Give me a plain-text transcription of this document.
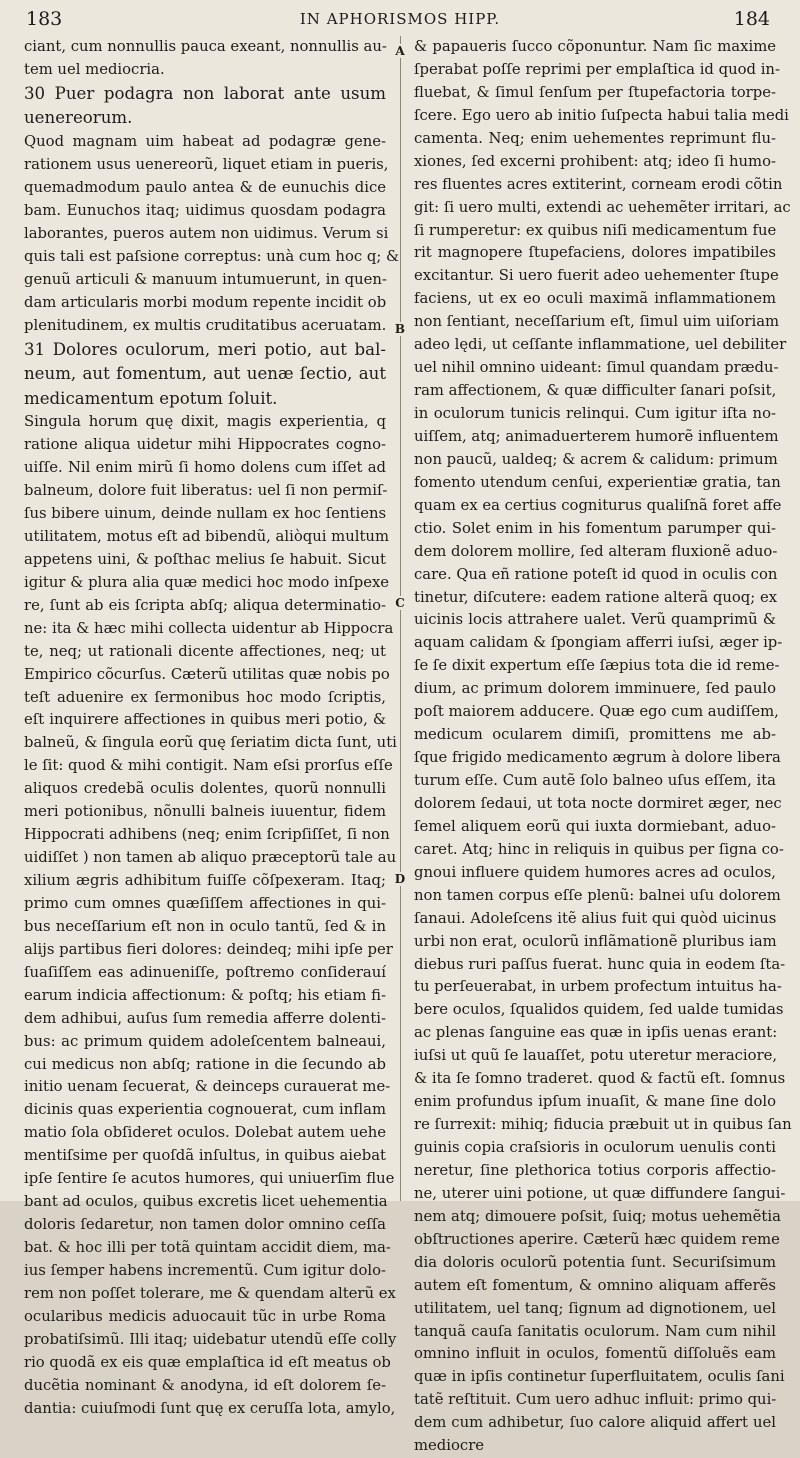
183	IN APHORISMOS HIPP.	184
A
B
C
D
ciant, cum nonnullis pauca exeant, nonnullis au-
tem uel mediocria.
30 Puer podagra non laborat ante usum
uenereorum.
Quod magnam uim habeat ad podagræ gene-
rationem usus uenereorũ, liquet etiam in pueris,
quemadmodum paulo antea & de eunuchis dice
bam. Eunuchos itaq; uidimus quosdam podagra
laborantes, pueros autem non uidimus. Verum si
quis tali est paſsione correptus: unà cum hoc q; &
genuũ articuli & manuum intumuerunt, in quen-
dam articularis morbi modum repente incidit ob
plenitudinem, ex multis cruditatibus aceruatam.
31 Dolores oculorum, meri potio, aut bal-
neum, aut fomentum, aut uenæ ſectio, aut
medicamentum epotum ſoluit.
Singula horum quę dixit, magis experientia, q
ratione aliqua uidetur mihi Hippocrates cogno-
uiſſe. Nil enim mirũ ſi homo dolens cum iſſet ad
balneum, dolore fuit liberatus: uel ſi non permiſ-
ſus bibere uinum, deinde nullam ex hoc ſentiens
utilitatem, motus eſt ad bibendũ, aliòqui multum
appetens uini, & poſthac melius ſe habuit. Sicut
igitur & plura alia quæ medici hoc modo inſpexe
re, ſunt ab eis ſcripta abſq; aliqua determinatio-
ne: ita & hæc mihi collecta uidentur ab Hippocra
te, neq; ut rationali dicente affectiones, neq; ut
Empirico cõcurſus. Cæterũ utilitas quæ nobis po
teſt aduenire ex ſermonibus hoc modo ſcriptis,
eſt inquirere affectiones in quibus meri potio, &
balneũ, & ſingula eorũ quę ſeriatim dicta ſunt, uti
le ſit: quod & mihi contigit. Nam eſsi prorſus eſſe
aliquos credebã oculis dolentes, quorũ nonnulli
meri potionibus, nõnulli balneis iuuentur, fidem
Hippocrati adhibens (neq; enim ſcripſiſſet, ſi non
uidiſſet ) non tamen ab aliquo præceptorũ tale au
xilium ægris adhibitum fuiſſe cõſpexeram. Itaq;
primo cum omnes quæſiſſem affectiones in qui-
bus neceſſarium eſt non in oculo tantũ, ſed & in
alijs partibus fieri dolores: deindeq; mihi ipſe per
ſuaſiſſem eas adinueniſſe, poſtremo conſiderauí
earum indicia affectionum: & poſtq; his etiam fi-
dem adhibui, auſus ſum remedia afferre dolenti-
bus: ac primum quidem adoleſcentem balneaui,
cui medicus non abſq; ratione in die ſecundo ab
initio uenam ſecuerat, & deinceps curauerat me-
dicinis quas experientia cognouerat, cum inflam
matio ſola obſideret oculos. Dolebat autem uehe
mentiſsime per quoſdã inſultus, in quibus aiebat
ipſe ſentire ſe acutos humores, qui uniuerſim flue
bant ad oculos, quibus excretis licet uehementia
doloris ſedaretur, non tamen dolor omnino ceſſa
bat. & hoc illi per totã quintam accidit diem, ma-
ius ſemper habens incrementũ. Cum igitur dolo-
rem non poſſet tolerare, me & quendam alterũ ex
ocularibus medicis aduocauit tũc in urbe Roma
probatiſsimũ. Illi itaq; uidebatur utendũ eſſe colly
rio quodã ex eis quæ emplaſtica id eſt meatus ob
ducẽtia nominant & anodyna, id eſt dolorem ſe-
dantia: cuiuſmodi ſunt quę ex ceruſſa lota, amylo,
& papaueris ſucco cõponuntur. Nam ſic maxime
ſperabat poſſe reprimi per emplaſtica id quod in-
fluebat, & ſimul ſenſum per ſtupefactoria torpe-
ſcere. Ego uero ab initio ſuſpecta habui talia medi
camenta. Neq; enim uehementes reprimunt flu-
xiones, ſed excerni prohibent: atq; ideo ſi humo-
res fluentes acres extiterint, corneam erodi cõtin
git: ſi uero multi, extendi ac uehemẽter irritari, ac
ſi rumperetur: ex quibus niſi medicamentum fue
rit magnopere ſtupefaciens, dolores impatibiles
excitantur. Si uero fuerit adeo uehementer ſtupe
faciens, ut ex eo oculi maximã inflammationem
non ſentiant, neceſſarium eſt, ſimul uim uiſoriam
adeo lędi, ut ceſſante inflammatione, uel debiliter
uel nihil omnino uideant: ſimul quandam prædu-
ram affectionem, & quæ difficulter ſanari poſsit,
in oculorum tunicis relinqui. Cum igitur iſta no-
uiſſem, atq; animaduerterem humorẽ influentem
non paucũ, ualdeq; & acrem & calidum: primum
fomento utendum cenſui, experientiæ gratia, tan
quam ex ea certius cogniturus qualiſnã foret affe
ctio. Solet enim in his fomentum parumper qui-
dem dolorem mollire, ſed alteram fluxionẽ aduo-
care. Qua eñ ratione poteſt id quod in oculis con
tinetur, diſcutere: eadem ratione alterã quoq; ex
uicinis locis attrahere ualet. Verũ quamprimũ &
aquam calidam & ſpongiam afferri iuſsi, æger ip-
ſe ſe dixit expertum eſſe ſæpius tota die id reme-
dium, ac primum dolorem imminuere, ſed paulo
poſt maiorem adducere. Quæ ego cum audiſſem,
medicum ocularem dimiſi, promittens me ab-
ſque frigido medicamento ægrum à dolore libera
turum eſſe. Cum autẽ ſolo balneo uſus eſſem, ita
dolorem ſedaui, ut tota nocte dormiret æger, nec
ſemel aliquem eorũ qui iuxta dormiebant, aduo-
caret. Atq; hinc in reliquis in quibus per ſigna co-
gnoui influere quidem humores acres ad oculos,
non tamen corpus eſſe plenũ: balnei uſu dolorem
ſanaui. Adoleſcens itẽ alius fuit qui quòd uicinus
urbi non erat, oculorũ inflãmationẽ pluribus iam
diebus ruri paſſus fuerat. hunc quia in eodem ſta-
tu perſeuerabat, in urbem profectum intuitus ha-
bere oculos, ſqualidos quidem, ſed ualde tumidas
ac plenas ſanguine eas quæ in ipſis uenas erant:
iuſsi ut quũ ſe lauaſſet, potu uteretur meraciore,
& ita ſe ſomno traderet. quod & factũ eſt. ſomnus
enim profundus ipſum inuaſit, & mane ſine dolo
re ſurrexit: mihiq; fiducia præbuit ut in quibus ſan
guinis copia craſsioris in oculorum uenulis conti
neretur, ſine plethorica totius corporis affectio-
ne, uterer uini potione, ut quæ diffundere ſangui-
nem atq; dimouere poſsit, ſuiq; motus uehemẽtia
obſtructiones aperire. Cæterũ hæc quidem reme
dia doloris oculorũ potentia ſunt. Securiſsimum
autem eſt fomentum, & omnino aliquam afferẽs
utilitatem, uel tanq; ſignum ad dignotionem, uel
tanquã cauſa ſanitatis oculorum. Nam cum nihil
omnino influit in oculos, fomentũ diſſoluẽs eam
quæ in ipſis continetur ſuperfluitatem, oculis ſani
tatẽ reſtituit. Cum uero adhuc influit: primo qui-
dem cum adhibetur, ſuo calore aliquid affert uel
mediocre
